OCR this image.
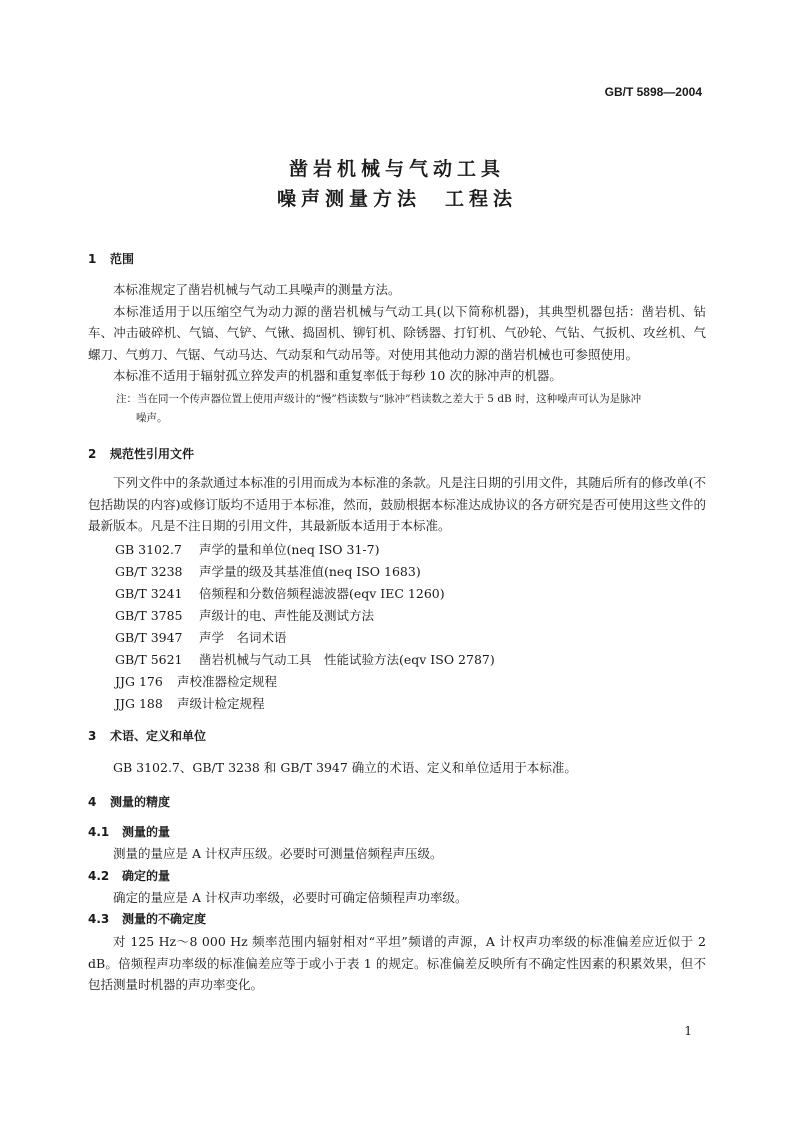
GB/T 5898—2004
凿岩机械与气动工具
噪声测量方法　工程法
1 范围

本标准规定了凿岩机械与气动工具噪声的测量方法。

本标准适用于以压缩空气为动力源的凿岩机械与气动工具(以下简称机器)，其典型机器包括：凿岩机、钻车、冲击破碎机、气镐、气铲、气锹、捣固机、铆钉机、除锈器、打钉机、气砂轮、气钻、气扳机、攻丝机、气螺刀、气剪刀、气锯、气动马达、气动泵和气动吊等。对使用其他动力源的凿岩机械也可参照使用。

本标准不适用于辐射孤立猝发声的机器和重复率低于每秒 10 次的脉冲声的机器。

注：当在同一个传声器位置上使用声级计的“慢”档读数与“脉冲”档读数之差大于 5 dB 时，这种噪声可认为是脉冲
噪声。
2 规范性引用文件

下列文件中的条款通过本标准的引用而成为本标准的条款。凡是注日期的引用文件，其随后所有的修改单(不包括勘误的内容)或修订版均不适用于本标准，然而，鼓励根据本标准达成协议的各方研究是否可使用这些文件的最新版本。凡是不注日期的引用文件，其最新版本适用于本标准。

GB 3102.7 声学的量和单位(neq ISO 31-7)
GB/T 3238 声学量的级及其基准值(neq ISO 1683)
GB/T 3241 倍频程和分数倍频程滤波器(eqv IEC 1260)
GB/T 3785 声级计的电、声性能及测试方法
GB/T 3947 声学　名词术语
GB/T 5621 凿岩机械与气动工具　性能试验方法(eqv ISO 2787)
JJG 176 声校准器检定规程
JJG 188 声级计检定规程
3 术语、定义和单位

GB 3102.7、GB/T 3238 和 GB/T 3947 确立的术语、定义和单位适用于本标准。

4 测量的精度
4.1 测量的量

测量的量应是 A 计权声压级。必要时可测量倍频程声压级。

4.2 确定的量

确定的量应是 A 计权声功率级，必要时可确定倍频程声功率级。

4.3 测量的不确定度

对 125 Hz～8 000 Hz 频率范围内辐射相对“平坦”频谱的声源，A 计权声功率级的标准偏差应近似于 2 dB。倍频程声功率级的标准偏差应等于或小于表 1 的规定。标准偏差反映所有不确定性因素的积累效果，但不包括测量时机器的声功率变化。

1
